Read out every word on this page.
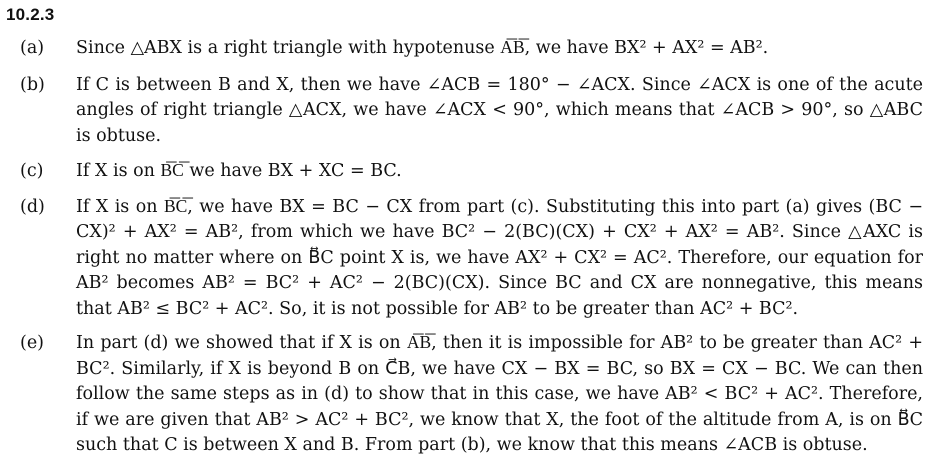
10.2.3
(a)	Since △ABX is a right triangle with hypotenuse A͞B͞, we have BX² + AX² = AB².
(b)	If C is between B and X, then we have ∠ACB = 180° − ∠ACX. Since ∠ACX is one of the acute angles of right triangle △ACX, we have ∠ACX < 90°, which means that ∠ACB > 90°, so △ABC is obtuse.
(c)	If X is on B͞C͞ we have BX + XC = BC.
(d)	If X is on B͞C͞, we have BX = BC − CX from part (c). Substituting this into part (a) gives (BC − CX)² + AX² = AB², from which we have BC² − 2(BC)(CX) + CX² + AX² = AB². Since △AXC is right no matter where on B⃡C point X is, we have AX² + CX² = AC². Therefore, our equation for AB² becomes AB² = BC² + AC² − 2(BC)(CX). Since BC and CX are nonnegative, this means that AB² ≤ BC² + AC². So, it is not possible for AB² to be greater than AC² + BC².
(e)	In part (d) we showed that if X is on A͞B͞, then it is impossible for AB² to be greater than AC² + BC². Similarly, if X is beyond B on C⃗B, we have CX − BX = BC, so BX = CX − BC. We can then follow the same steps as in (d) to show that in this case, we have AB² < BC² + AC². Therefore, if we are given that AB² > AC² + BC², we know that X, the foot of the altitude from A, is on B⃡C such that C is between X and B. From part (b), we know that this means ∠ACB is obtuse.
